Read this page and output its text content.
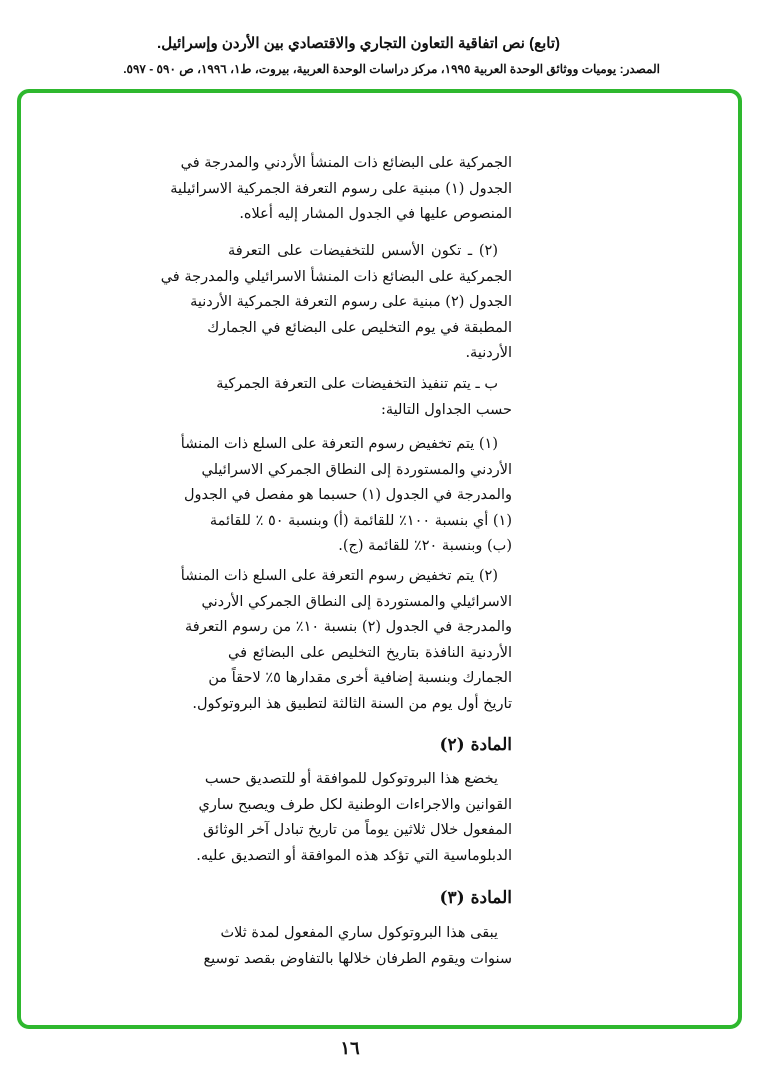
(تابع) نص اتفاقية التعاون التجاري والاقتصادي بين الأردن وإسرائيل.
المصدر: يوميات ووثائق الوحدة العربية ١٩٩٥، مركز دراسات الوحدة العربية، بيروت، ط١، ١٩٩٦، ص ٥٩٠ - ٥٩٧.
الجمركية على البضائع ذات المنشأ الأردني والمدرجة في
الجدول (١) مبنية على رسوم التعرفة الجمركية الاسرائيلية
المنصوص عليها في الجدول المشار إليه أعلاه.
(٢) ـ تكون الأسس للتخفيضات على التعرفة
الجمركية على البضائع ذات المنشأ الاسرائيلي والمدرجة في
الجدول (٢) مبنية على رسوم التعرفة الجمركية الأردنية
المطبقة في يوم التخليص على البضائع في الجمارك
الأردنية.
ب ـ يتم تنفيذ التخفيضات على التعرفة الجمركية
حسب الجداول التالية:
(١) يتم تخفيض رسوم التعرفة على السلع ذات المنشأ
الأردني والمستوردة إلى النطاق الجمركي الاسرائيلي
والمدرجة في الجدول (١) حسبما هو مفصل في الجدول
(١) أي بنسبة ١٠٠٪ للقائمة (أ) وبنسبة ٥٠ ٪ للقائمة
(ب) وبنسبة ٢٠٪ للقائمة (ج).
(٢) يتم تخفيض رسوم التعرفة على السلع ذات المنشأ
الاسرائيلي والمستوردة إلى النطاق الجمركي الأردني
والمدرجة في الجدول (٢) بنسبة ١٠٪ من رسوم التعرفة
الأردنية النافذة بتاريخ التخليص على البضائع في
الجمارك وبنسبة إضافية أخرى مقدارها ٥٪ لاحقاً من
تاريخ أول يوم من السنة الثالثة لتطبيق هذ البروتوكول.
يخضع هذا البروتوكول للموافقة أو للتصديق حسب
القوانين والاجراءات الوطنية لكل طرف ويصبح ساري
المفعول خلال ثلاثين يوماً من تاريخ تبادل آخر الوثائق
الدبلوماسية التي تؤكد هذه الموافقة أو التصديق عليه.
يبقى هذا البروتوكول ساري المفعول لمدة ثلاث
سنوات ويقوم الطرفان خلالها بالتفاوض بقصد توسيع
المادة (٢)
المادة (٣)
١٦
